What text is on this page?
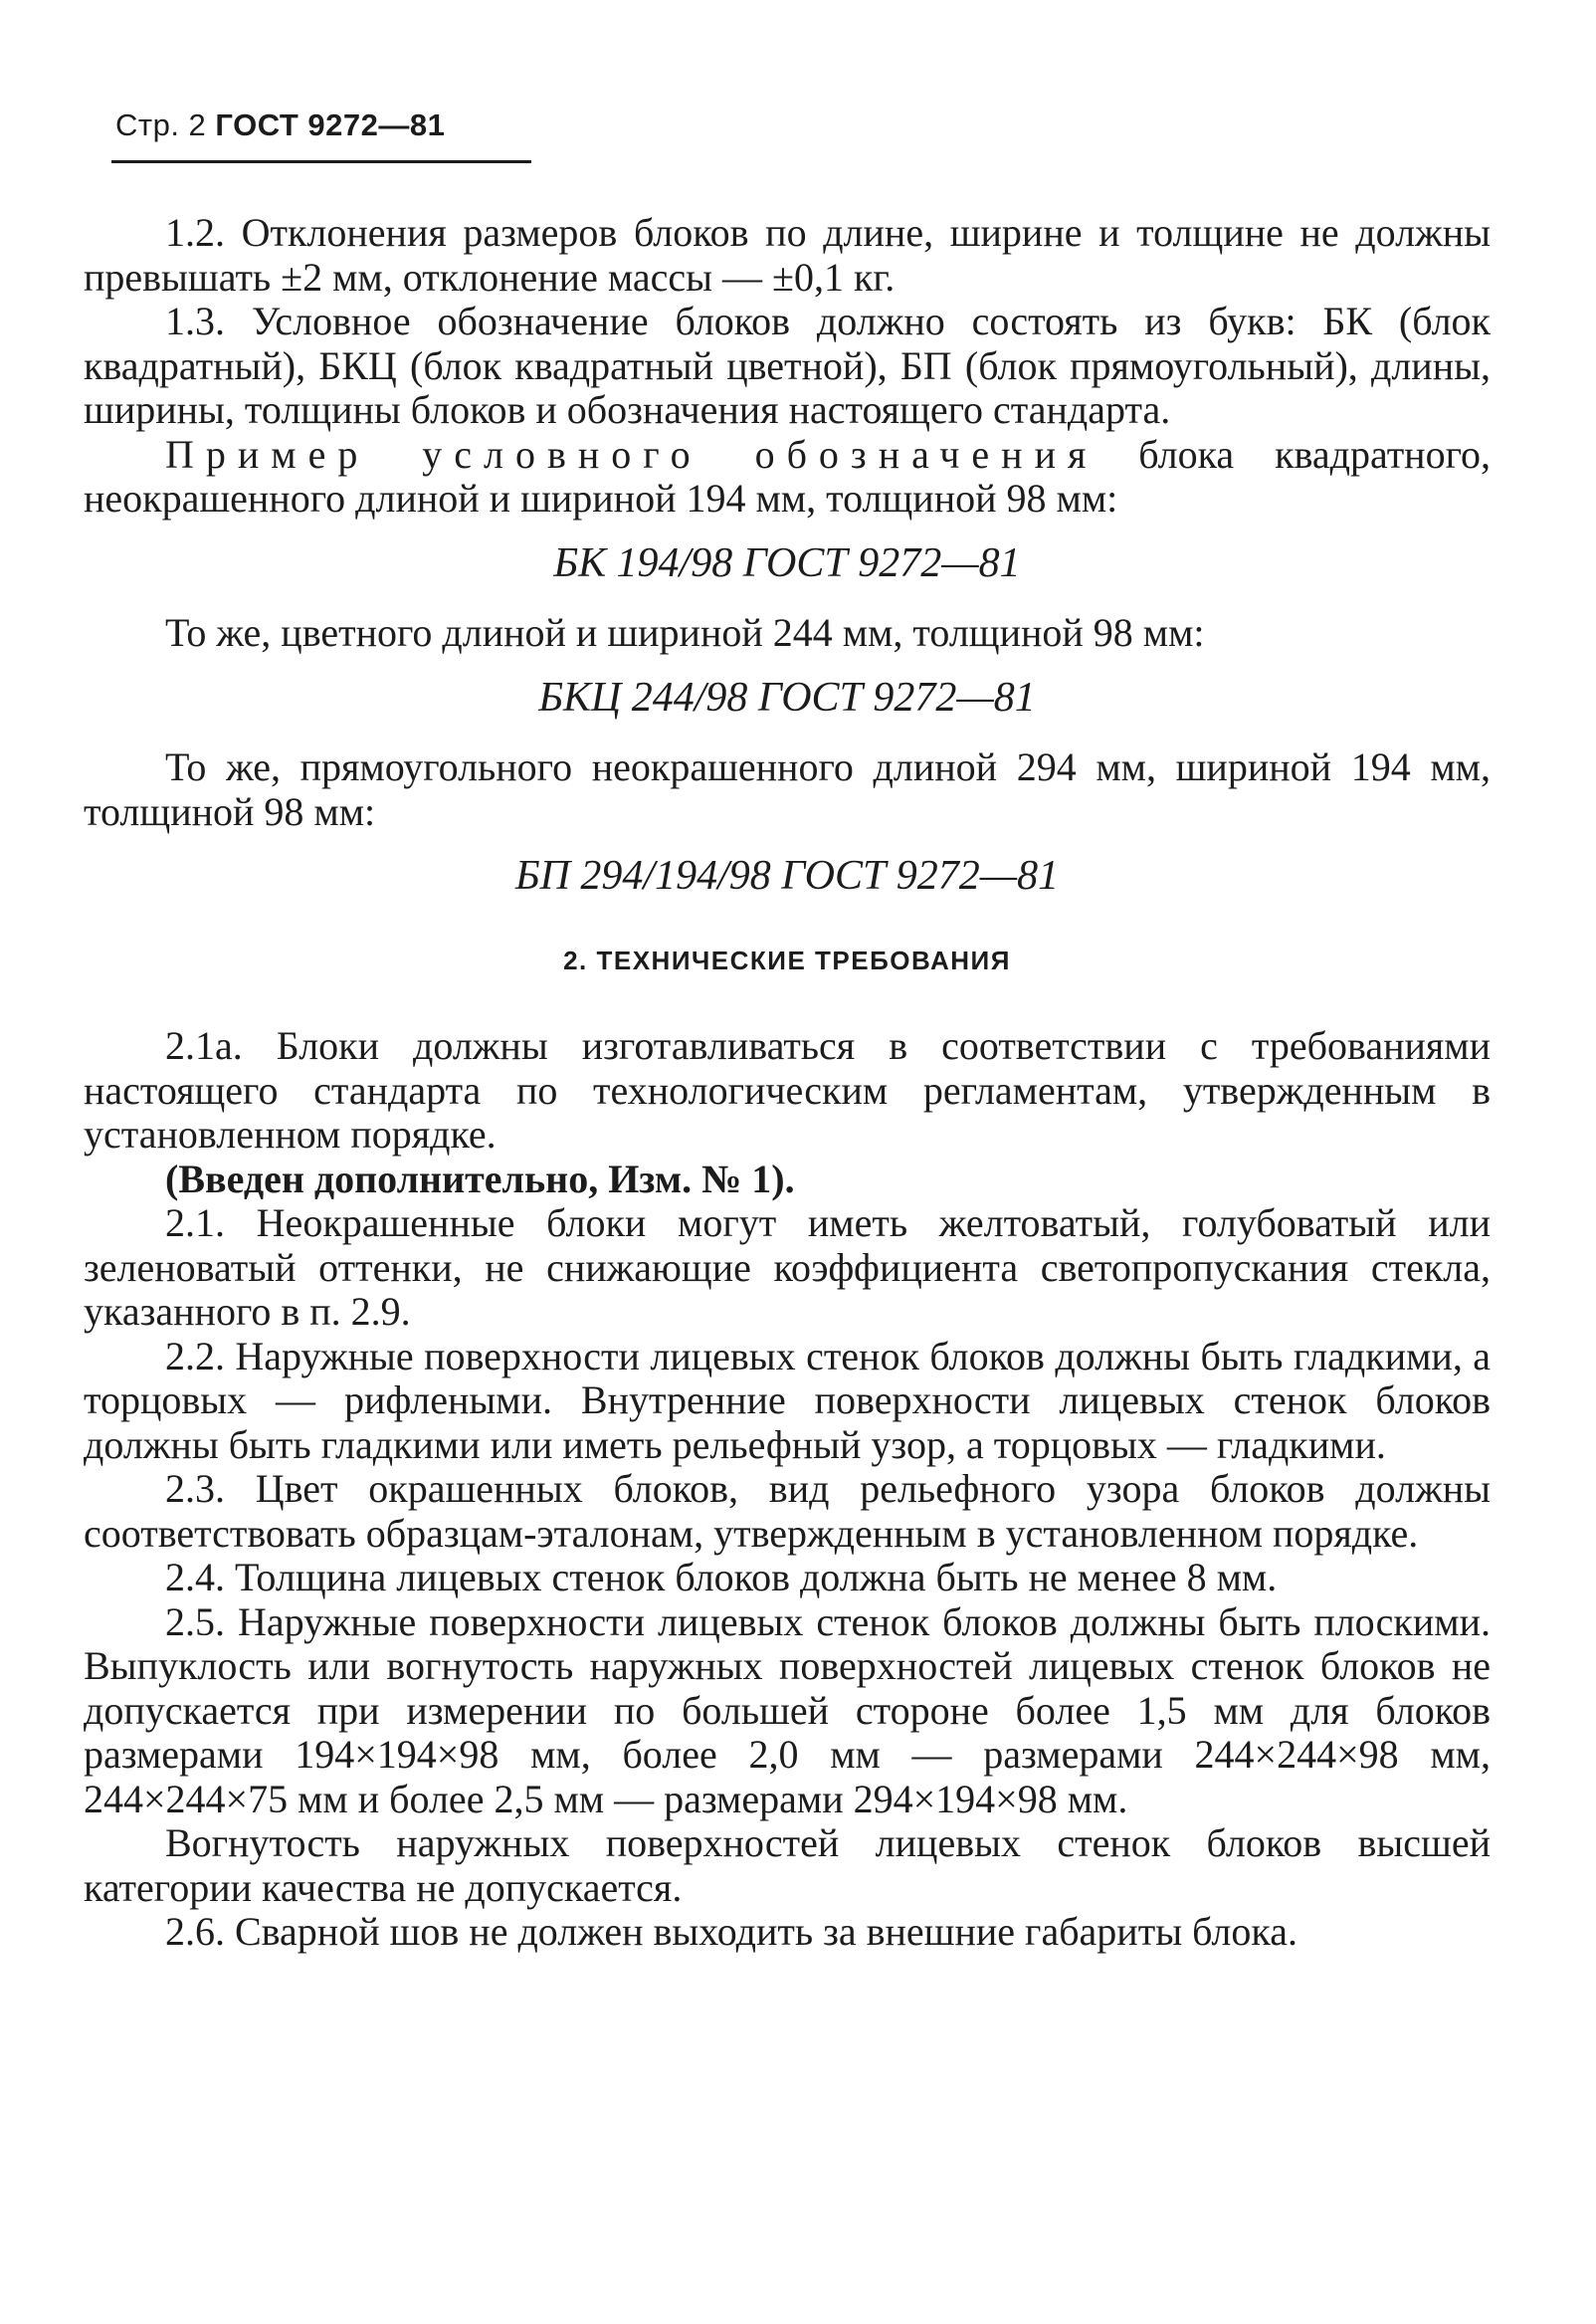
Стр. 2 ГОСТ 9272—81

1.2. Отклонения размеров блоков по длине, ширине и толщине не должны превышать ±2 мм, отклонение массы — ±0,1 кг.

1.3. Условное обозначение блоков должно состоять из букв: БК (блок квадратный), БКЦ (блок квадратный цветной), БП (блок прямоугольный), длины, ширины, толщины блоков и обозначения настоящего стандарта.

Пример условного обозначения блока квадратного, неокрашенного длиной и шириной 194 мм, толщиной 98 мм:

БК 194/98 ГОСТ 9272—81

То же, цветного длиной и шириной 244 мм, толщиной 98 мм:

БКЦ 244/98 ГОСТ 9272—81

То же, прямоугольного неокрашенного длиной 294 мм, шириной 194 мм, толщиной 98 мм:

БП 294/194/98 ГОСТ 9272—81

2. ТЕХНИЧЕСКИЕ ТРЕБОВАНИЯ

2.1а. Блоки должны изготавливаться в соответствии с требованиями настоящего стандарта по технологическим регламентам, утвержденным в установленном порядке.

(Введен дополнительно, Изм. № 1).

2.1. Неокрашенные блоки могут иметь желтоватый, голубоватый или зеленоватый оттенки, не снижающие коэффициента светопропускания стекла, указанного в п. 2.9.

2.2. Наружные поверхности лицевых стенок блоков должны быть гладкими, а торцовых — рифлеными. Внутренние поверхности лицевых стенок блоков должны быть гладкими или иметь рельефный узор, а торцовых — гладкими.

2.3. Цвет окрашенных блоков, вид рельефного узора блоков должны соответствовать образцам-эталонам, утвержденным в установленном порядке.

2.4. Толщина лицевых стенок блоков должна быть не менее 8 мм.

2.5. Наружные поверхности лицевых стенок блоков должны быть плоскими. Выпуклость или вогнутость наружных поверхностей лицевых стенок блоков не допускается при измерении по большей стороне более 1,5 мм для блоков размерами 194×194×98 мм, более 2,0 мм — размерами 244×244×98 мм, 244×244×75 мм и более 2,5 мм — размерами 294×194×98 мм.

Вогнутость наружных поверхностей лицевых стенок блоков высшей категории качества не допускается.

2.6. Сварной шов не должен выходить за внешние габариты блока.
